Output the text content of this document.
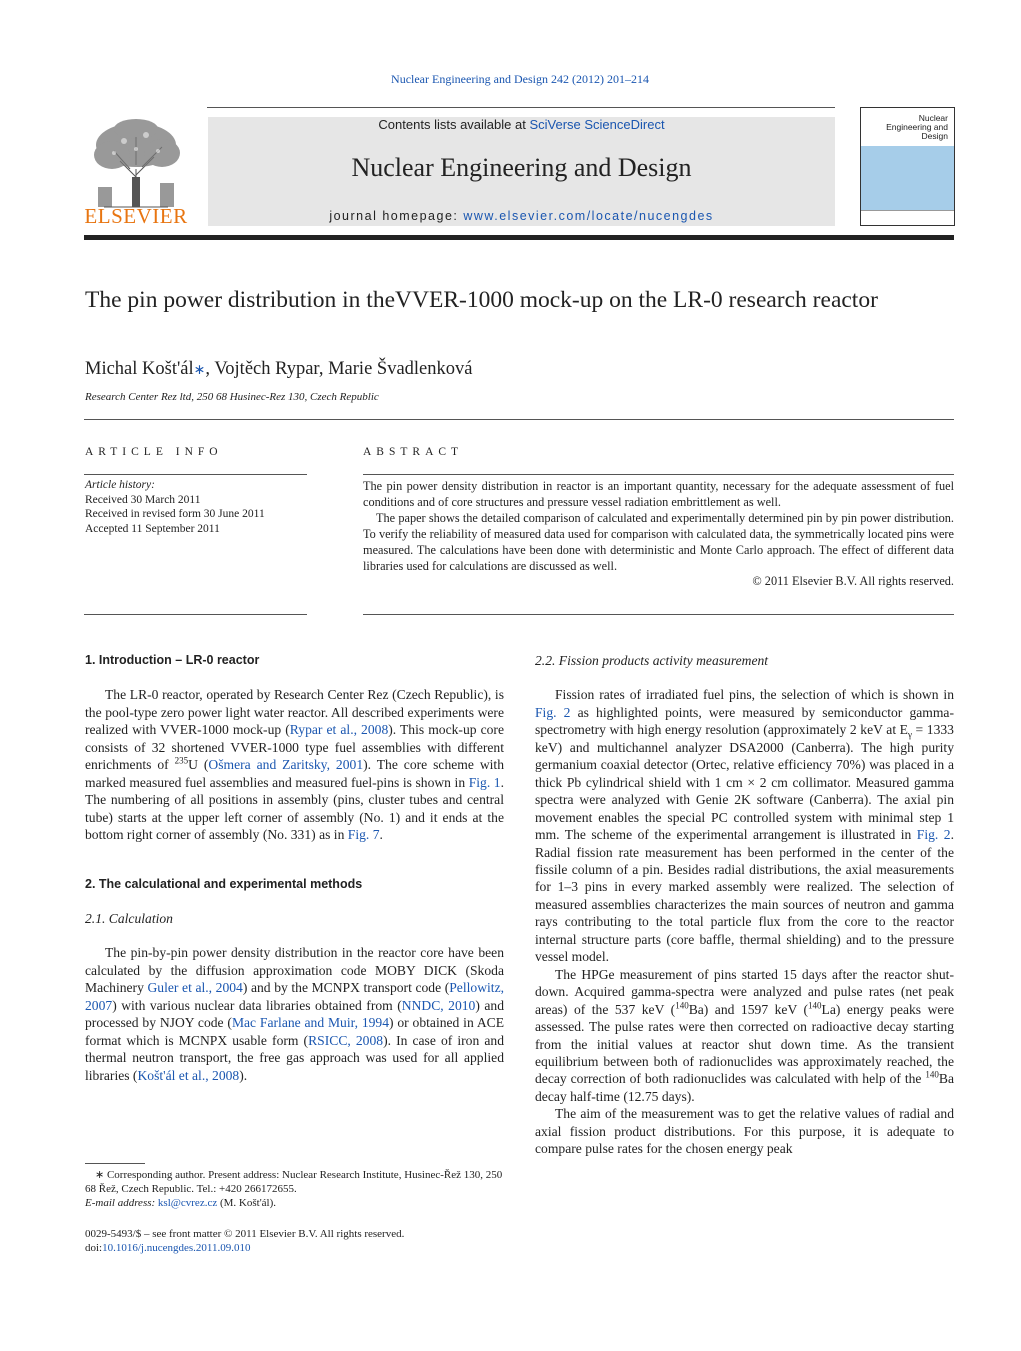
Nuclear Engineering and Design 242 (2012) 201–214
ELSEVIER
Contents lists available at SciVerse ScienceDirect
Nuclear Engineering and Design
journal homepage: www.elsevier.com/locate/nucengdes
Nuclear Engineering and Design
The pin power distribution in theVVER-1000 mock-up on the LR-0 research reactor
Michal Košt'ál∗, Vojtěch Rypar, Marie Švadlenková
Research Center Rez ltd, 250 68 Husinec-Rez 130, Czech Republic
ARTICLE INFO
Article history:
Received 30 March 2011
Received in revised form 30 June 2011
Accepted 11 September 2011
ABSTRACT

The pin power density distribution in reactor is an important quantity, necessary for the adequate assessment of fuel conditions and of core structures and pressure vessel radiation embrittlement as well.

The paper shows the detailed comparison of calculated and experimentally determined pin by pin power distribution. To verify the reliability of measured data used for comparison with calculated data, the symmetrically located pins were measured. The calculations have been done with deterministic and Monte Carlo approach. The effect of different data libraries used for calculations are discussed as well.

© 2011 Elsevier B.V. All rights reserved.

1. Introduction – LR-0 reactor

The LR-0 reactor, operated by Research Center Rez (Czech Republic), is the pool-type zero power light water reactor. All described experiments were realized with VVER-1000 mock-up (Rypar et al., 2008). This mock-up core consists of 32 shortened VVER-1000 type fuel assemblies with different enrichments of $^{235}$U (Ošmera and Zaritsky, 2001). The core scheme with marked measured fuel assemblies and measured fuel-pins is shown in Fig. 1. The numbering of all positions in assembly (pins, cluster tubes and central tube) starts at the upper left corner of assembly (No. 1) and it ends at the bottom right corner of assembly (No. 331) as in Fig. 7.

2. The calculational and experimental methods

2.1. Calculation

The pin-by-pin power density distribution in the reactor core have been calculated by the diffusion approximation code MOBY DICK (Skoda Machinery Guler et al., 2004) and by the MCNPX transport code (Pellowitz, 2007) with various nuclear data libraries obtained from (NNDC, 2010) and processed by NJOY code (Mac Farlane and Muir, 1994) or obtained in ACE format which is MCNPX usable form (RSICC, 2008). In case of iron and thermal neutron transport, the free gas approach was used for all applied libraries (Košt'ál et al., 2008).

∗ Corresponding author. Present address: Nuclear Research Institute, Husinec-Řež 130, 250 68 Řež, Czech Republic. Tel.: +420 266172655.

E-mail address: ksl@cvrez.cz (M. Košt'ál).

0029-5493/$ – see front matter © 2011 Elsevier B.V. All rights reserved.

doi:10.1016/j.nucengdes.2011.09.010

2.2. Fission products activity measurement

Fission rates of irradiated fuel pins, the selection of which is shown in Fig. 2 as highlighted points, were measured by semiconductor gamma-spectrometry with high energy resolution (approximately 2 keV at $E_\gamma = 1333$ keV) and multichannel analyzer DSA2000 (Canberra). The high purity germanium coaxial detector (Ortec, relative efficiency 70%) was placed in a thick Pb cylindrical shield with 1 cm × 2 cm collimator. Measured gamma spectra were analyzed with Genie 2K software (Canberra). The axial pin movement enables the special PC controlled system with minimal step 1 mm. The scheme of the experimental arrangement is illustrated in Fig. 2. Radial fission rate measurement has been performed in the center of the fissile column of a pin. Besides radial distributions, the axial measurements for 1–3 pins in every marked assembly were realized. The selection of measured assemblies characterizes the main sources of neutron and gamma rays contributing to the total particle flux from the core to the reactor internal structure parts (core baffle, thermal shielding) and to the pressure vessel model.

The HPGe measurement of pins started 15 days after the reactor shut-down. Acquired gamma-spectra were analyzed and pulse rates (net peak areas) of the 537 keV ($^{140}$Ba) and 1597 keV ($^{140}$La) energy peaks were assessed. The pulse rates were then corrected on radioactive decay starting from the initial values at reactor shut down time. As the transient equilibrium between both of radionuclides was approximately reached, the decay correction of both radionuclides was calculated with help of the $^{140}$Ba decay half-time (12.75 days).

The aim of the measurement was to get the relative values of radial and axial fission product distributions. For this purpose, it is adequate to compare pulse rates for the chosen energy peak
